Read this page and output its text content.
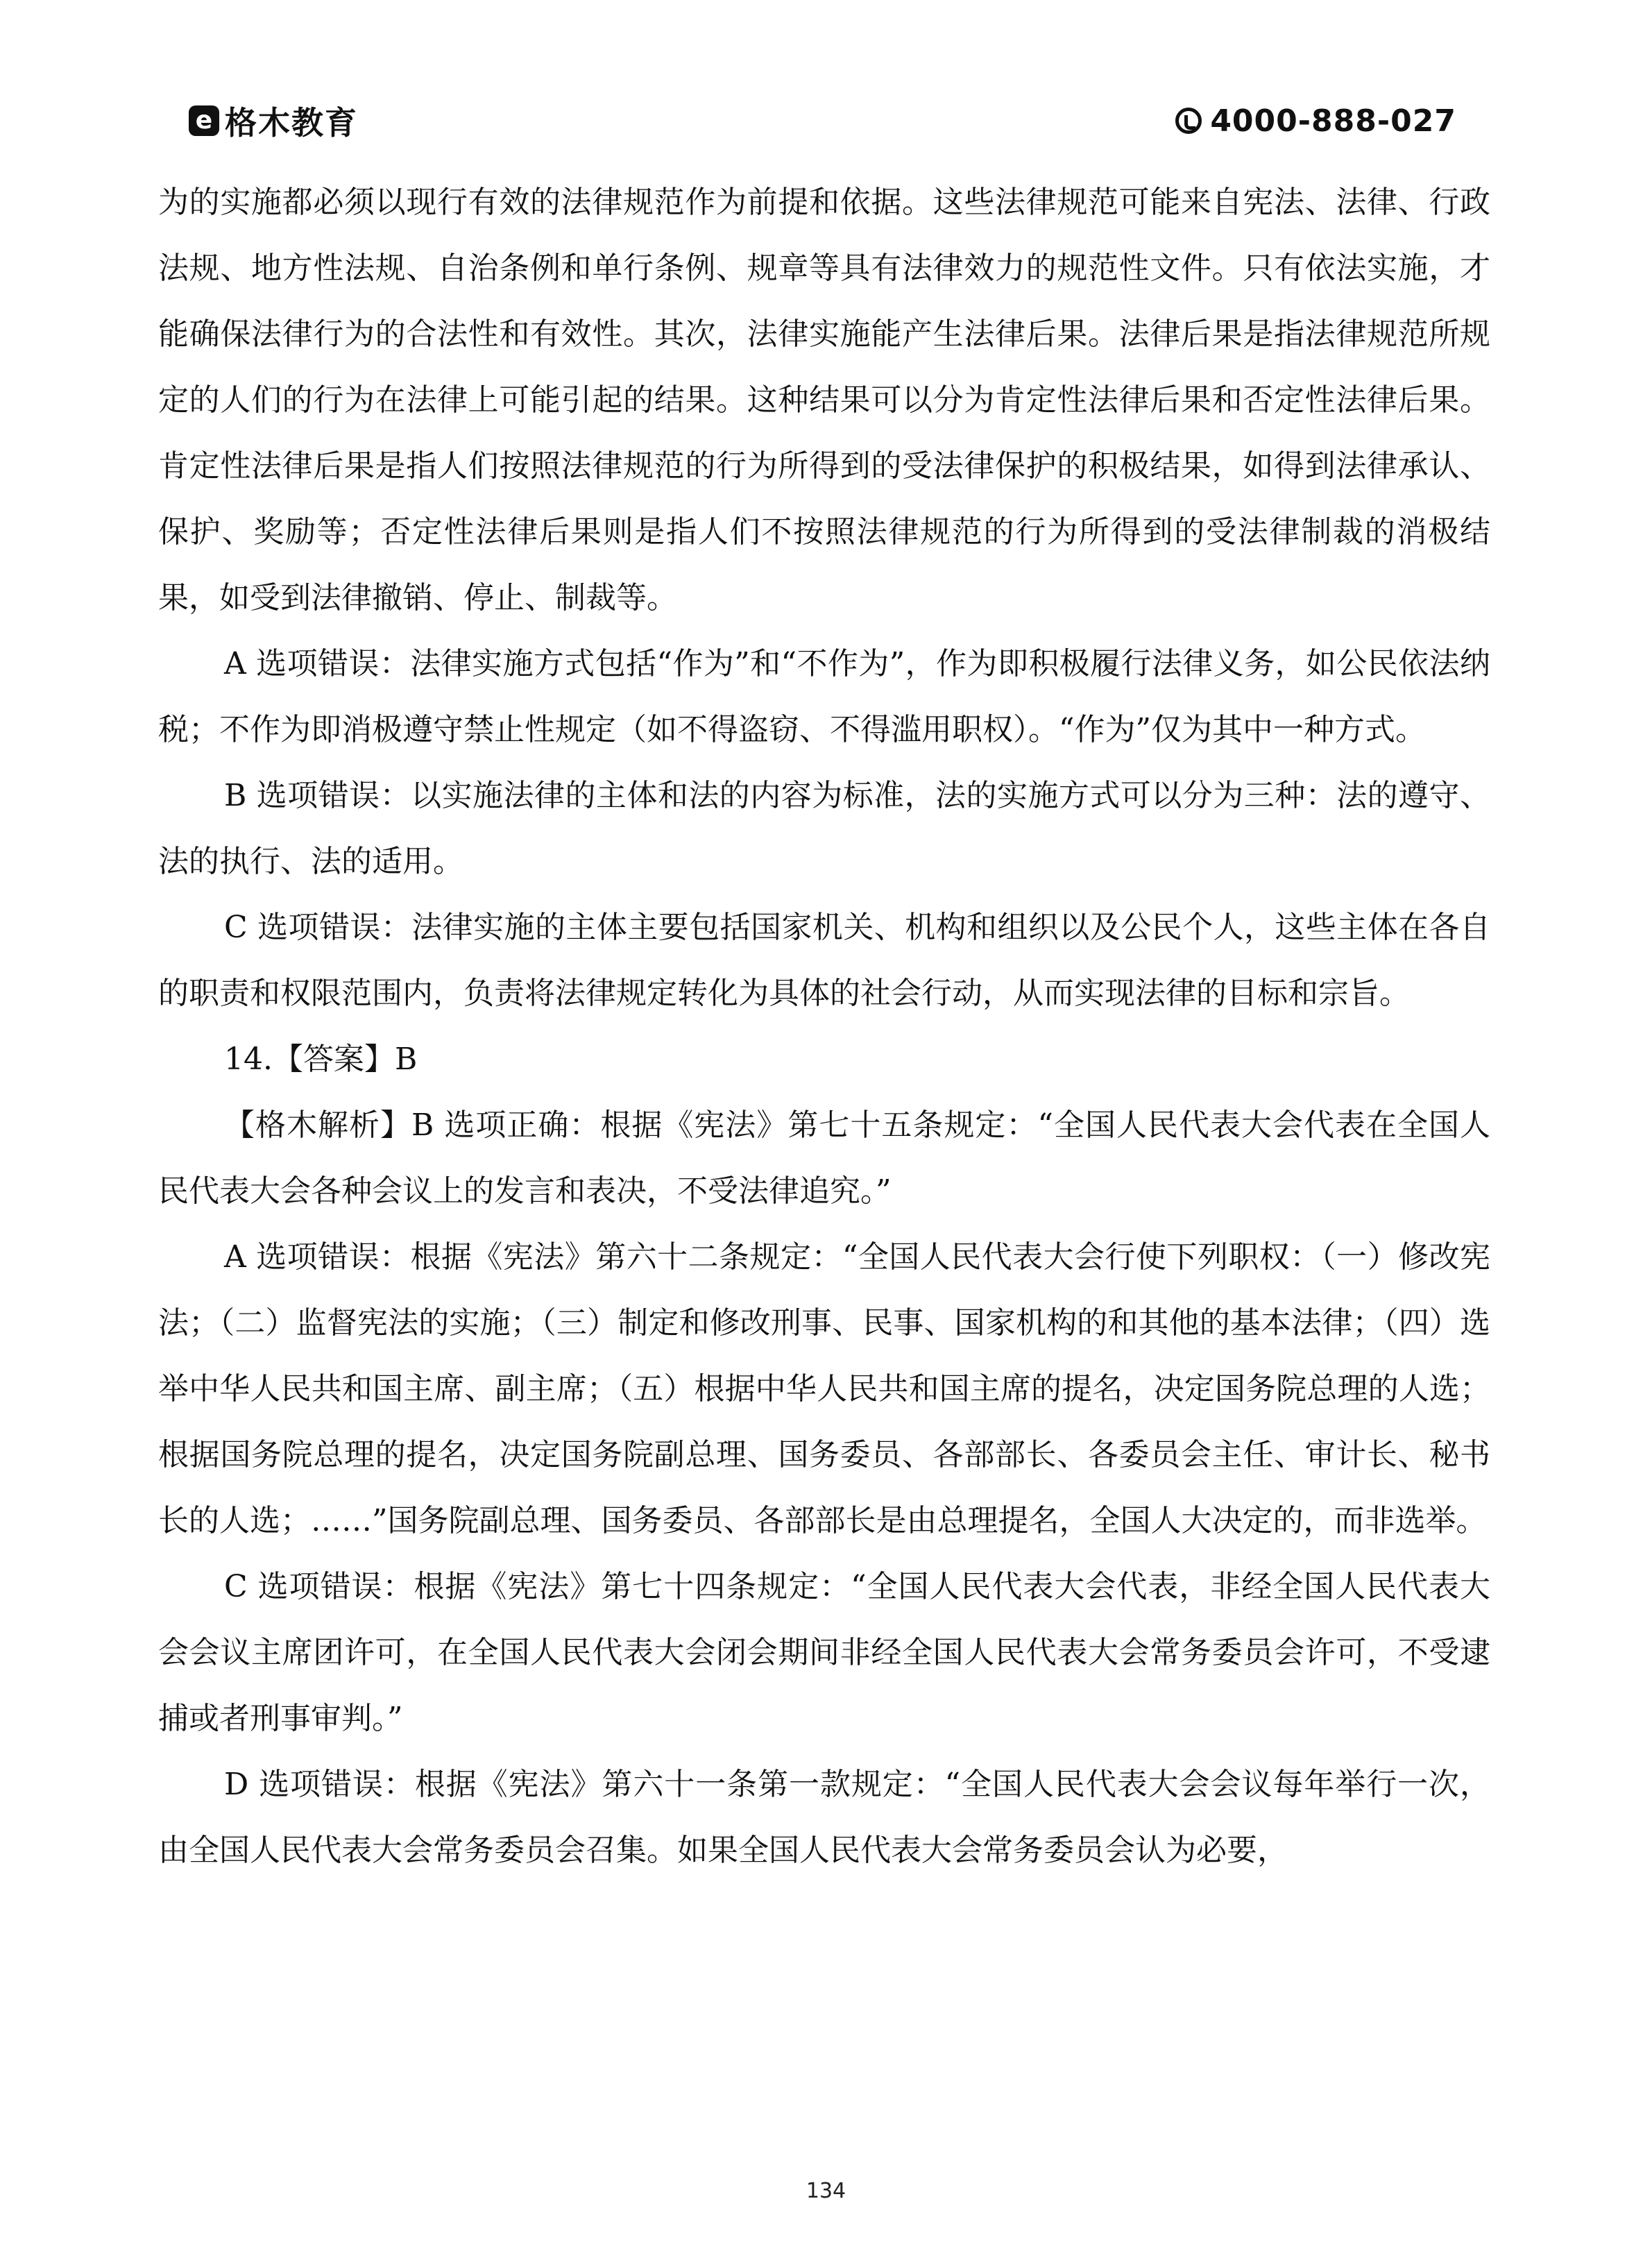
e 格木教育	4000-888-027

为的实施都必须以现行有效的法律规范作为前提和依据。这些法律规范可能来自宪法、法律、行政法规、地方性法规、自治条例和单行条例、规章等具有法律效力的规范性文件。只有依法实施，才能确保法律行为的合法性和有效性。其次，法律实施能产生法律后果。法律后果是指法律规范所规定的人们的行为在法律上可能引起的结果。这种结果可以分为肯定性法律后果和否定性法律后果。肯定性法律后果是指人们按照法律规范的行为所得到的受法律保护的积极结果，如得到法律承认、保护、奖励等；否定性法律后果则是指人们不按照法律规范的行为所得到的受法律制裁的消极结果，如受到法律撤销、停止、制裁等。

A 选项错误：法律实施方式包括“作为”和“不作为”，作为即积极履行法律义务，如公民依法纳税；不作为即消极遵守禁止性规定（如不得盗窃、不得滥用职权）。“作为”仅为其中一种方式。

B 选项错误：以实施法律的主体和法的内容为标准，法的实施方式可以分为三种：法的遵守、法的执行、法的适用。

C 选项错误：法律实施的主体主要包括国家机关、机构和组织以及公民个人，这些主体在各自的职责和权限范围内，负责将法律规定转化为具体的社会行动，从而实现法律的目标和宗旨。

14.【答案】B

【格木解析】B 选项正确：根据《宪法》第七十五条规定：“全国人民代表大会代表在全国人民代表大会各种会议上的发言和表决，不受法律追究。”

A 选项错误：根据《宪法》第六十二条规定：“全国人民代表大会行使下列职权：（一）修改宪法；（二）监督宪法的实施；（三）制定和修改刑事、民事、国家机构的和其他的基本法律；（四）选举中华人民共和国主席、副主席；（五）根据中华人民共和国主席的提名，决定国务院总理的人选；根据国务院总理的提名，决定国务院副总理、国务委员、各部部长、各委员会主任、审计长、秘书长的人选；……”国务院副总理、国务委员、各部部长是由总理提名，全国人大决定的，而非选举。

C 选项错误：根据《宪法》第七十四条规定：“全国人民代表大会代表，非经全国人民代表大会会议主席团许可，在全国人民代表大会闭会期间非经全国人民代表大会常务委员会许可，不受逮捕或者刑事审判。”

D 选项错误：根据《宪法》第六十一条第一款规定：“全国人民代表大会会议每年举行一次，由全国人民代表大会常务委员会召集。如果全国人民代表大会常务委员会认为必要，

134
